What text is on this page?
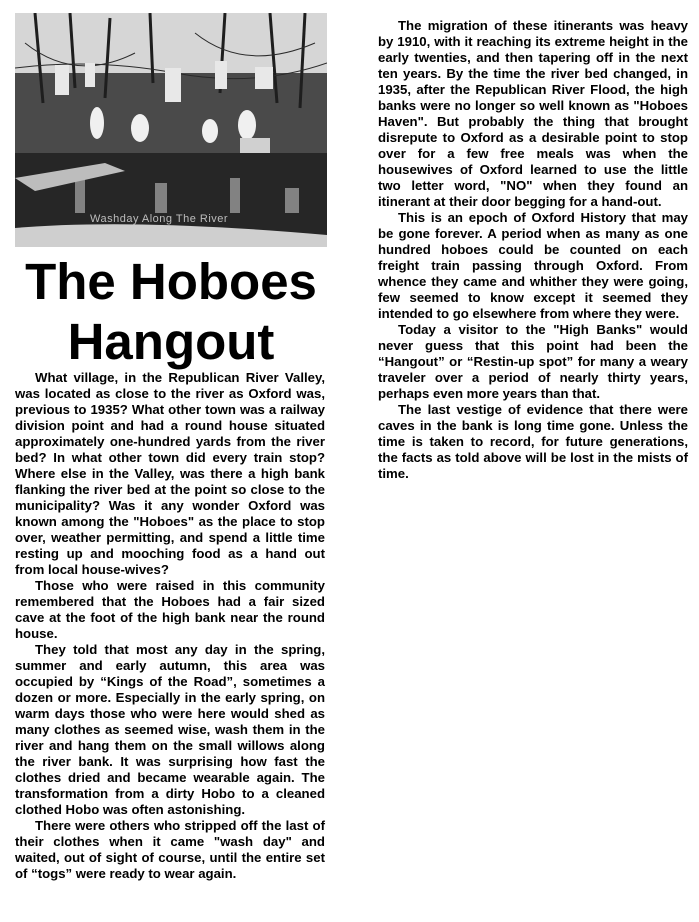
Washday Along The River
The Hoboes Hangout

What village, in the Republican River Valley, was located as close to the river as Oxford was, previous to 1935? What other town was a railway division point and had a round house situated approximately one-hundred yards from the river bed? In what other town did every train stop? Where else in the Valley, was there a high bank flanking the river bed at the point so close to the municipality? Was it any wonder Oxford was known among the "Hoboes" as the place to stop over, weather permitting, and spend a little time resting up and mooching food as a hand out from local house-wives?

Those who were raised in this community remembered that the Hoboes had a fair sized cave at the foot of the high bank near the round house.

They told that most any day in the spring, summer and early autumn, this area was occupied by “Kings of the Road”, sometimes a dozen or more. Especially in the early spring, on warm days those who were here would shed as many clothes as seemed wise, wash them in the river and hang them on the small willows along the river bank. It was surprising how fast the clothes dried and became wearable again. The transformation from a dirty Hobo to a cleaned clothed Hobo was often astonishing.

There were others who stripped off the last of their clothes when it came "wash day" and waited, out of sight of course, until the entire set of “togs” were ready to wear again.

The migration of these itinerants was heavy by 1910, with it reaching its extreme height in the early twenties, and then tapering off in the next ten years. By the time the river bed changed, in 1935, after the Republican River Flood, the high banks were no longer so well known as "Hoboes Haven". But probably the thing that brought disrepute to Oxford as a desirable point to stop over for a few free meals was when the housewives of Oxford learned to use the little two letter word, "NO" when they found an itinerant at their door begging for a hand-out.

This is an epoch of Oxford History that may be gone forever. A period when as many as one hundred hoboes could be counted on each freight train passing through Oxford. From whence they came and whither they were going, few seemed to know except it seemed they intended to go elsewhere from where they were.

Today a visitor to the "High Banks" would never guess that this point had been the “Hangout” or “Restin-up spot” for many a weary traveler over a period of nearly thirty years, perhaps even more years than that.

The last vestige of evidence that there were caves in the bank is long time gone. Unless the time is taken to record, for future generations, the facts as told above will be lost in the mists of time.
